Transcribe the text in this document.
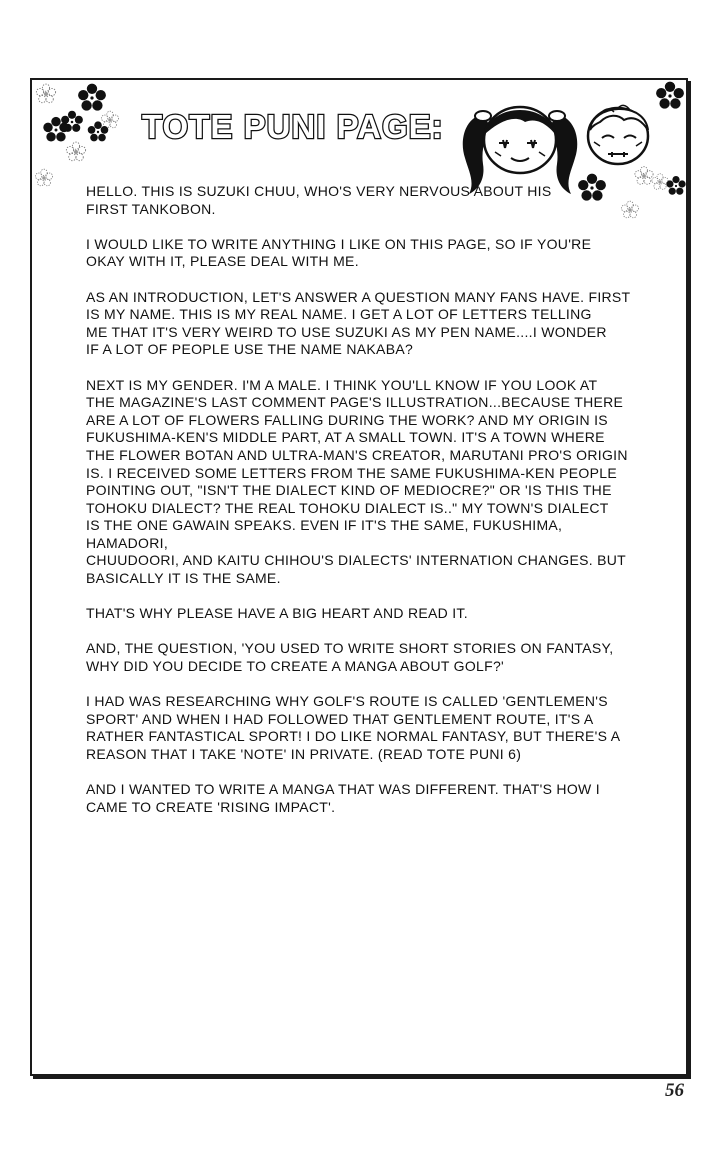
TOTE PUNI PAGE:

HELLO. THIS IS SUZUKI CHUU, WHO'S VERY NERVOUS ABOUT HIS
FIRST TANKOBON.

I WOULD LIKE TO WRITE ANYTHING I LIKE ON THIS PAGE, SO IF YOU'RE
OKAY WITH IT, PLEASE DEAL WITH ME.

AS AN INTRODUCTION, LET'S ANSWER A QUESTION MANY FANS HAVE. FIRST
IS MY NAME. THIS IS MY REAL NAME. I GET A LOT OF LETTERS TELLING
ME THAT IT'S VERY WEIRD TO USE SUZUKI AS MY PEN NAME....I WONDER
IF A LOT OF PEOPLE USE THE NAME NAKABA?

NEXT IS MY GENDER. I'M A MALE. I THINK YOU'LL KNOW IF YOU LOOK AT
THE MAGAZINE'S LAST COMMENT PAGE'S ILLUSTRATION...BECAUSE THERE
ARE A LOT OF FLOWERS FALLING DURING THE WORK? AND MY ORIGIN IS
FUKUSHIMA-KEN'S MIDDLE PART, AT A SMALL TOWN. IT'S A TOWN WHERE
THE FLOWER BOTAN AND ULTRA-MAN'S CREATOR, MARUTANI PRO'S ORIGIN
IS. I RECEIVED SOME LETTERS FROM THE SAME FUKUSHIMA-KEN PEOPLE
POINTING OUT, "ISN'T THE DIALECT KIND OF MEDIOCRE?" OR 'IS THIS THE
TOHOKU DIALECT? THE REAL TOHOKU DIALECT IS.." MY TOWN'S DIALECT
IS THE ONE GAWAIN SPEAKS. EVEN IF IT'S THE SAME, FUKUSHIMA, HAMADORI,
CHUUDOORI, AND KAITU CHIHOU'S DIALECTS' INTERNATION CHANGES. BUT
BASICALLY IT IS THE SAME.

THAT'S WHY PLEASE HAVE A BIG HEART AND READ IT.

AND, THE QUESTION, 'YOU USED TO WRITE SHORT STORIES ON FANTASY,
WHY DID YOU DECIDE TO CREATE A MANGA ABOUT GOLF?'

I HAD WAS RESEARCHING WHY GOLF'S ROUTE IS CALLED 'GENTLEMEN'S
SPORT' AND WHEN I HAD FOLLOWED THAT GENTLEMENT ROUTE, IT'S A
RATHER FANTASTICAL SPORT! I DO LIKE NORMAL FANTASY, BUT THERE'S A
REASON THAT I TAKE 'NOTE' IN PRIVATE. (READ TOTE PUNI 6)

AND I WANTED TO WRITE A MANGA THAT WAS DIFFERENT. THAT'S HOW I
CAME TO CREATE 'RISING IMPACT'.

56
